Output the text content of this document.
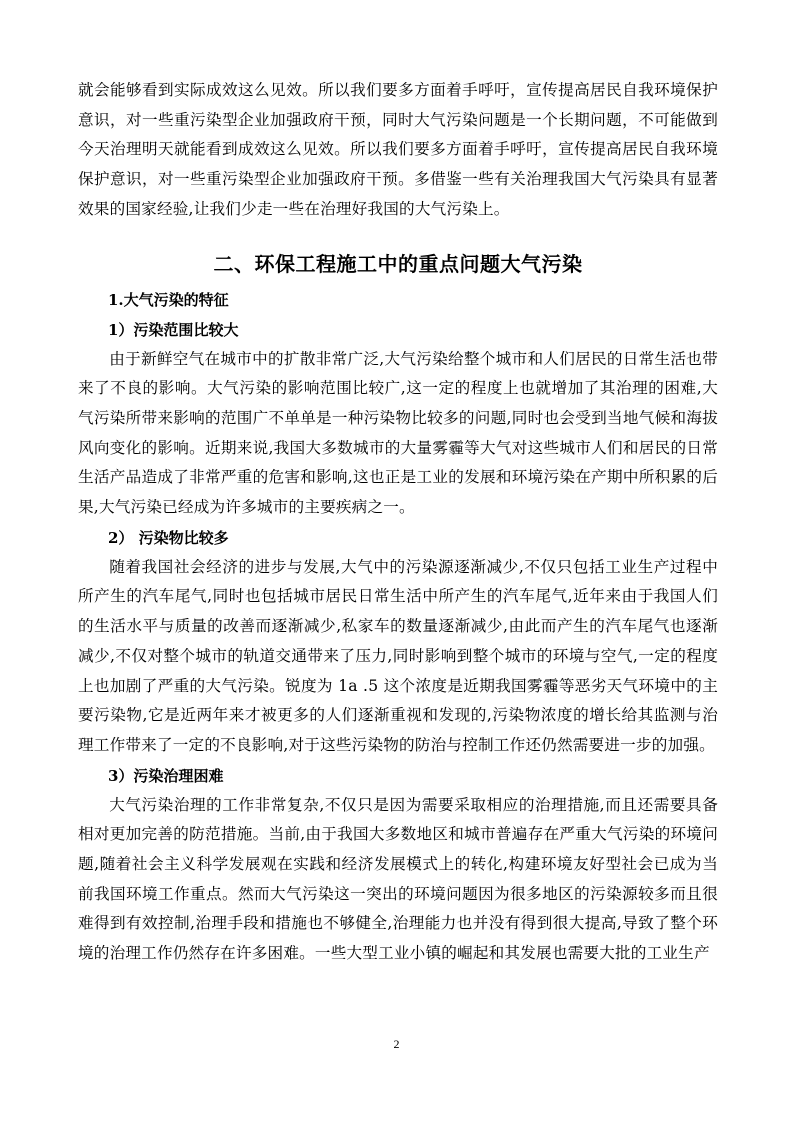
就会能够看到实际成效这么见效。所以我们要多方面着手呼吁，宣传提高居民自我环境保护意识，对一些重污染型企业加强政府干预，同时大气污染问题是一个长期问题，不可能做到今天治理明天就能看到成效这么见效。所以我们要多方面着手呼吁，宣传提高居民自我环境保护意识，对一些重污染型企业加强政府干预。多借鉴一些有关治理我国大气污染具有显著效果的国家经验,让我们少走一些在治理好我国的大气污染上。

二、环保工程施工中的重点问题大气污染
1.大气污染的特征
1）污染范围比较大

由于新鲜空气在城市中的扩散非常广泛,大气污染给整个城市和人们居民的日常生活也带来了不良的影响。大气污染的影响范围比较广,这一定的程度上也就增加了其治理的困难,大气污染所带来影响的范围广不单单是一种污染物比较多的问题,同时也会受到当地气候和海拔风向变化的影响。近期来说,我国大多数城市的大量雾霾等大气对这些城市人们和居民的日常生活产品造成了非常严重的危害和影响,这也正是工业的发展和环境污染在产期中所积累的后果,大气污染已经成为许多城市的主要疾病之一。

2） 污染物比较多

随着我国社会经济的进步与发展,大气中的污染源逐渐减少,不仅只包括工业生产过程中所产生的汽车尾气,同时也包括城市居民日常生活中所产生的汽车尾气,近年来由于我国人们的生活水平与质量的改善而逐渐减少,私家车的数量逐渐减少,由此而产生的汽车尾气也逐渐减少,不仅对整个城市的轨道交通带来了压力,同时影响到整个城市的环境与空气,一定的程度上也加剧了严重的大气污染。锐度为 1a .5 这个浓度是近期我国雾霾等恶劣天气环境中的主要污染物,它是近两年来才被更多的人们逐渐重视和发现的,污染物浓度的增长给其监测与治理工作带来了一定的不良影响,对于这些污染物的防治与控制工作还仍然需要进一步的加强。

3）污染治理困难

大气污染治理的工作非常复杂,不仅只是因为需要采取相应的治理措施,而且还需要具备相对更加完善的防范措施。当前,由于我国大多数地区和城市普遍存在严重大气污染的环境问题,随着社会主义科学发展观在实践和经济发展模式上的转化,构建环境友好型社会已成为当前我国环境工作重点。然而大气污染这一突出的环境问题因为很多地区的污染源较多而且很难得到有效控制,治理手段和措施也不够健全,治理能力也并没有得到很大提高,导致了整个环境的治理工作仍然存在许多困难。一些大型工业小镇的崛起和其发展也需要大批的工业生产

2
